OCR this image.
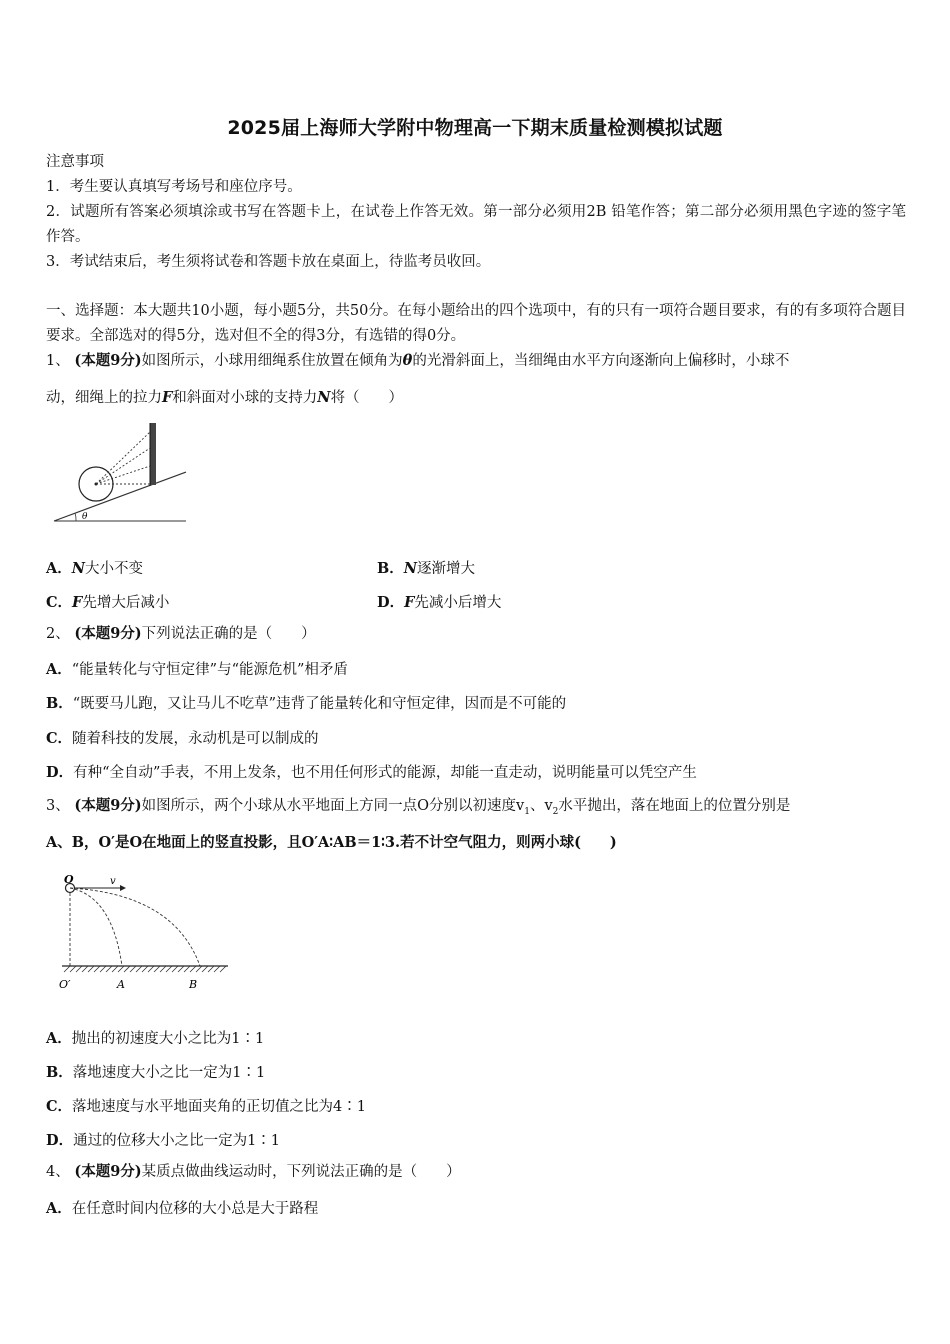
2025届上海师大学附中物理高一下期末质量检测模拟试题
注意事项
1．考生要认真填写考场号和座位序号。
2．试题所有答案必须填涂或书写在答题卡上，在试卷上作答无效。第一部分必须用2B 铅笔作答；第二部分必须用黑色字迹的签字笔作答。
3．考试结束后，考生须将试卷和答题卡放在桌面上，待监考员收回。
一、选择题：本大题共10小题，每小题5分，共50分。在每小题给出的四个选项中，有的只有一项符合题目要求，有的有多项符合题目要求。全部选对的得5分，选对但不全的得3分，有选错的得0分。
1、 (本题9分)如图所示，小球用细绳系住放置在倾角为θ的光滑斜面上，当细绳由水平方向逐渐向上偏移时，小球不
动，细绳上的拉力F和斜面对小球的支持力N将（　　）
θ
A．N大小不变	B．N逐渐增大
C．F先增大后减小	D．F先减小后增大
2、 (本题9分)下列说法正确的是（　　）
A．“能量转化与守恒定律”与“能源危机”相矛盾
B．“既要马儿跑，又让马儿不吃草”违背了能量转化和守恒定律，因而是不可能的
C．随着科技的发展，永动机是可以制成的
D．有种“全自动”手表，不用上发条，也不用任何形式的能源，却能一直走动，说明能量可以凭空产生
3、 (本题9分)如图所示，两个小球从水平地面上方同一点O分别以初速度$v_1$、$v_2$水平抛出，落在地面上的位置分别是
A、B，O′是O在地面上的竖直投影，且O′A∶AB＝1∶3.若不计空气阻力，则两小球(　　)
O	v
O′	A	B
A．抛出的初速度大小之比为1∶1
B．落地速度大小之比一定为1∶1
C．落地速度与水平地面夹角的正切值之比为4∶1
D．通过的位移大小之比一定为1∶1
4、 (本题9分)某质点做曲线运动时，下列说法正确的是（　　）
A．在任意时间内位移的大小总是大于路程
